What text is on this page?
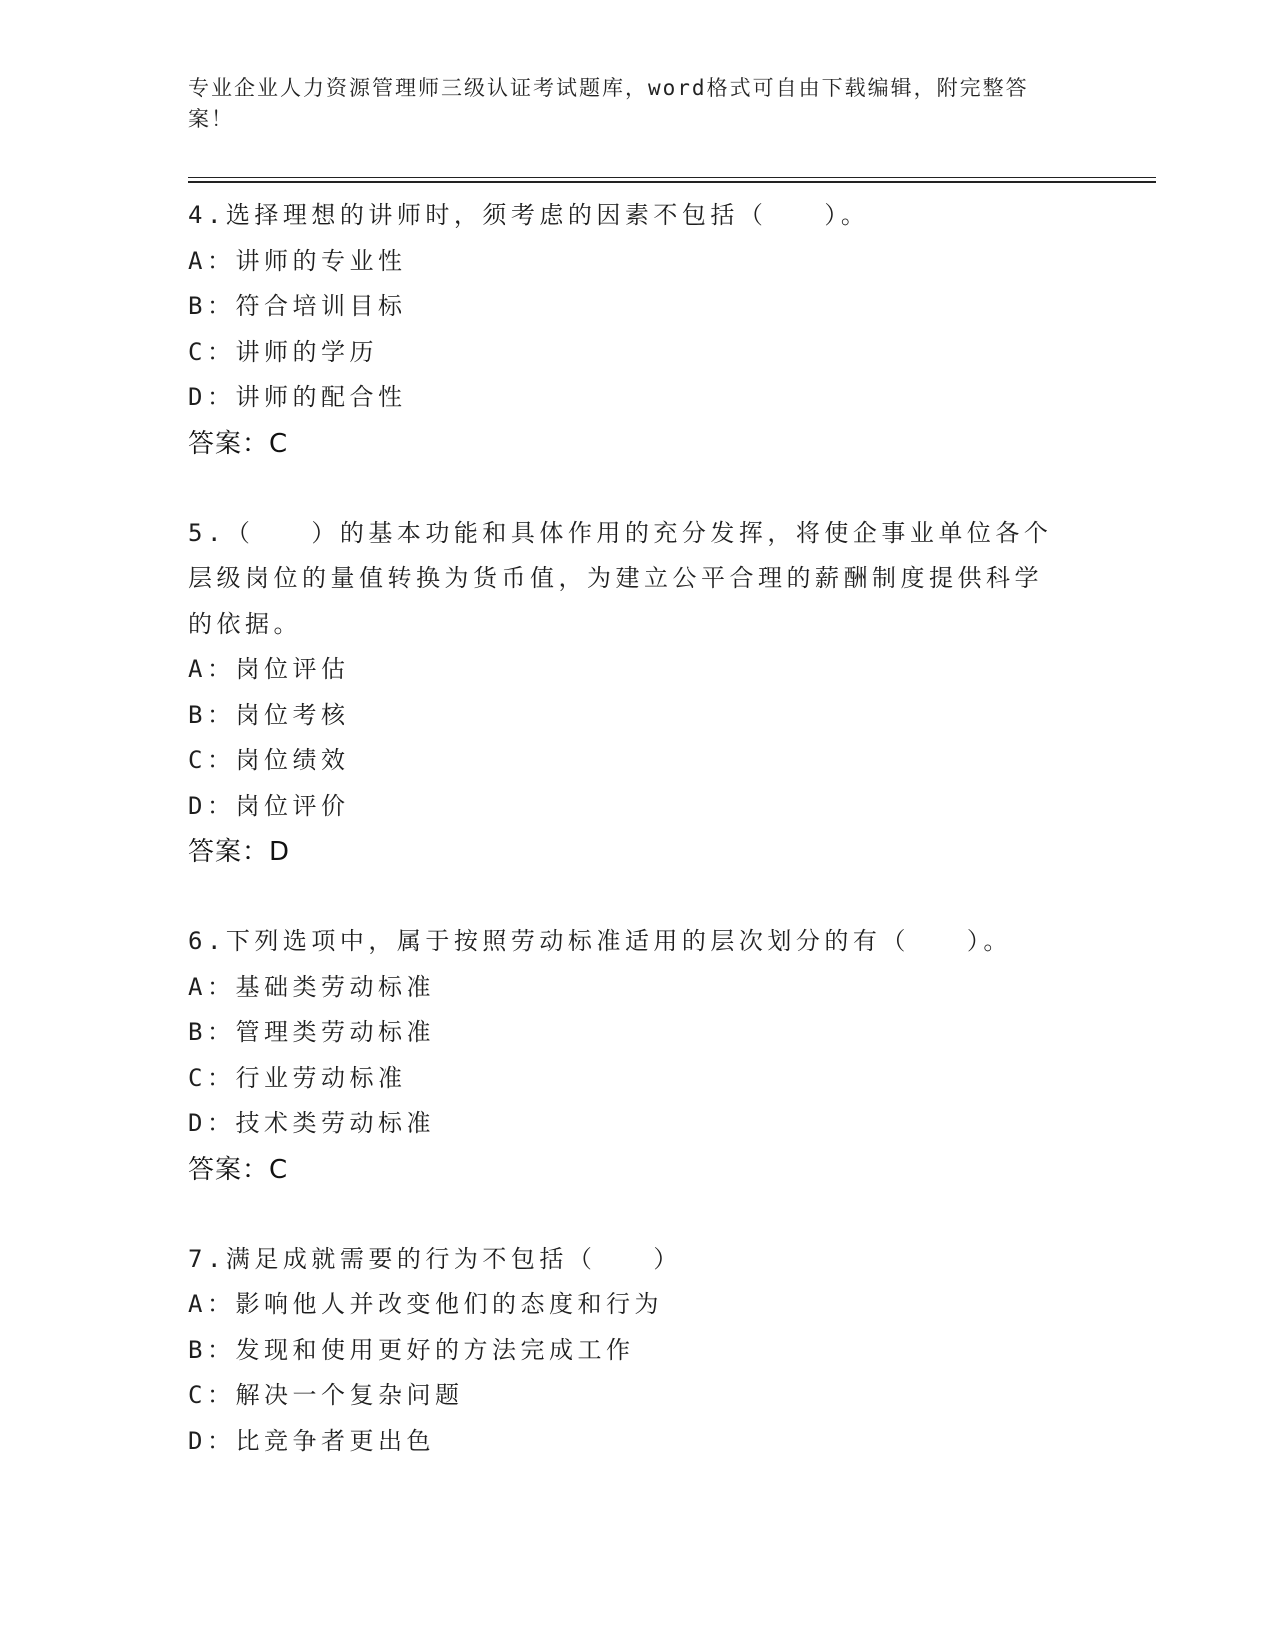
专业企业人力资源管理师三级认证考试题库，word格式可自由下载编辑，附完整答案！
4.选择理想的讲师时，须考虑的因素不包括（　　）。
A：讲师的专业性
B：符合培训目标
C：讲师的学历
D：讲师的配合性
答案：C
5.（　　）的基本功能和具体作用的充分发挥，将使企事业单位各个层级岗位的量值转换为货币值，为建立公平合理的薪酬制度提供科学的依据。
A：岗位评估
B：岗位考核
C：岗位绩效
D：岗位评价
答案：D
6.下列选项中，属于按照劳动标准适用的层次划分的有（　　）。
A：基础类劳动标准
B：管理类劳动标准
C：行业劳动标准
D：技术类劳动标准
答案：C
7.满足成就需要的行为不包括（　　）
A：影响他人并改变他们的态度和行为
B：发现和使用更好的方法完成工作
C：解决一个复杂问题
D：比竞争者更出色
